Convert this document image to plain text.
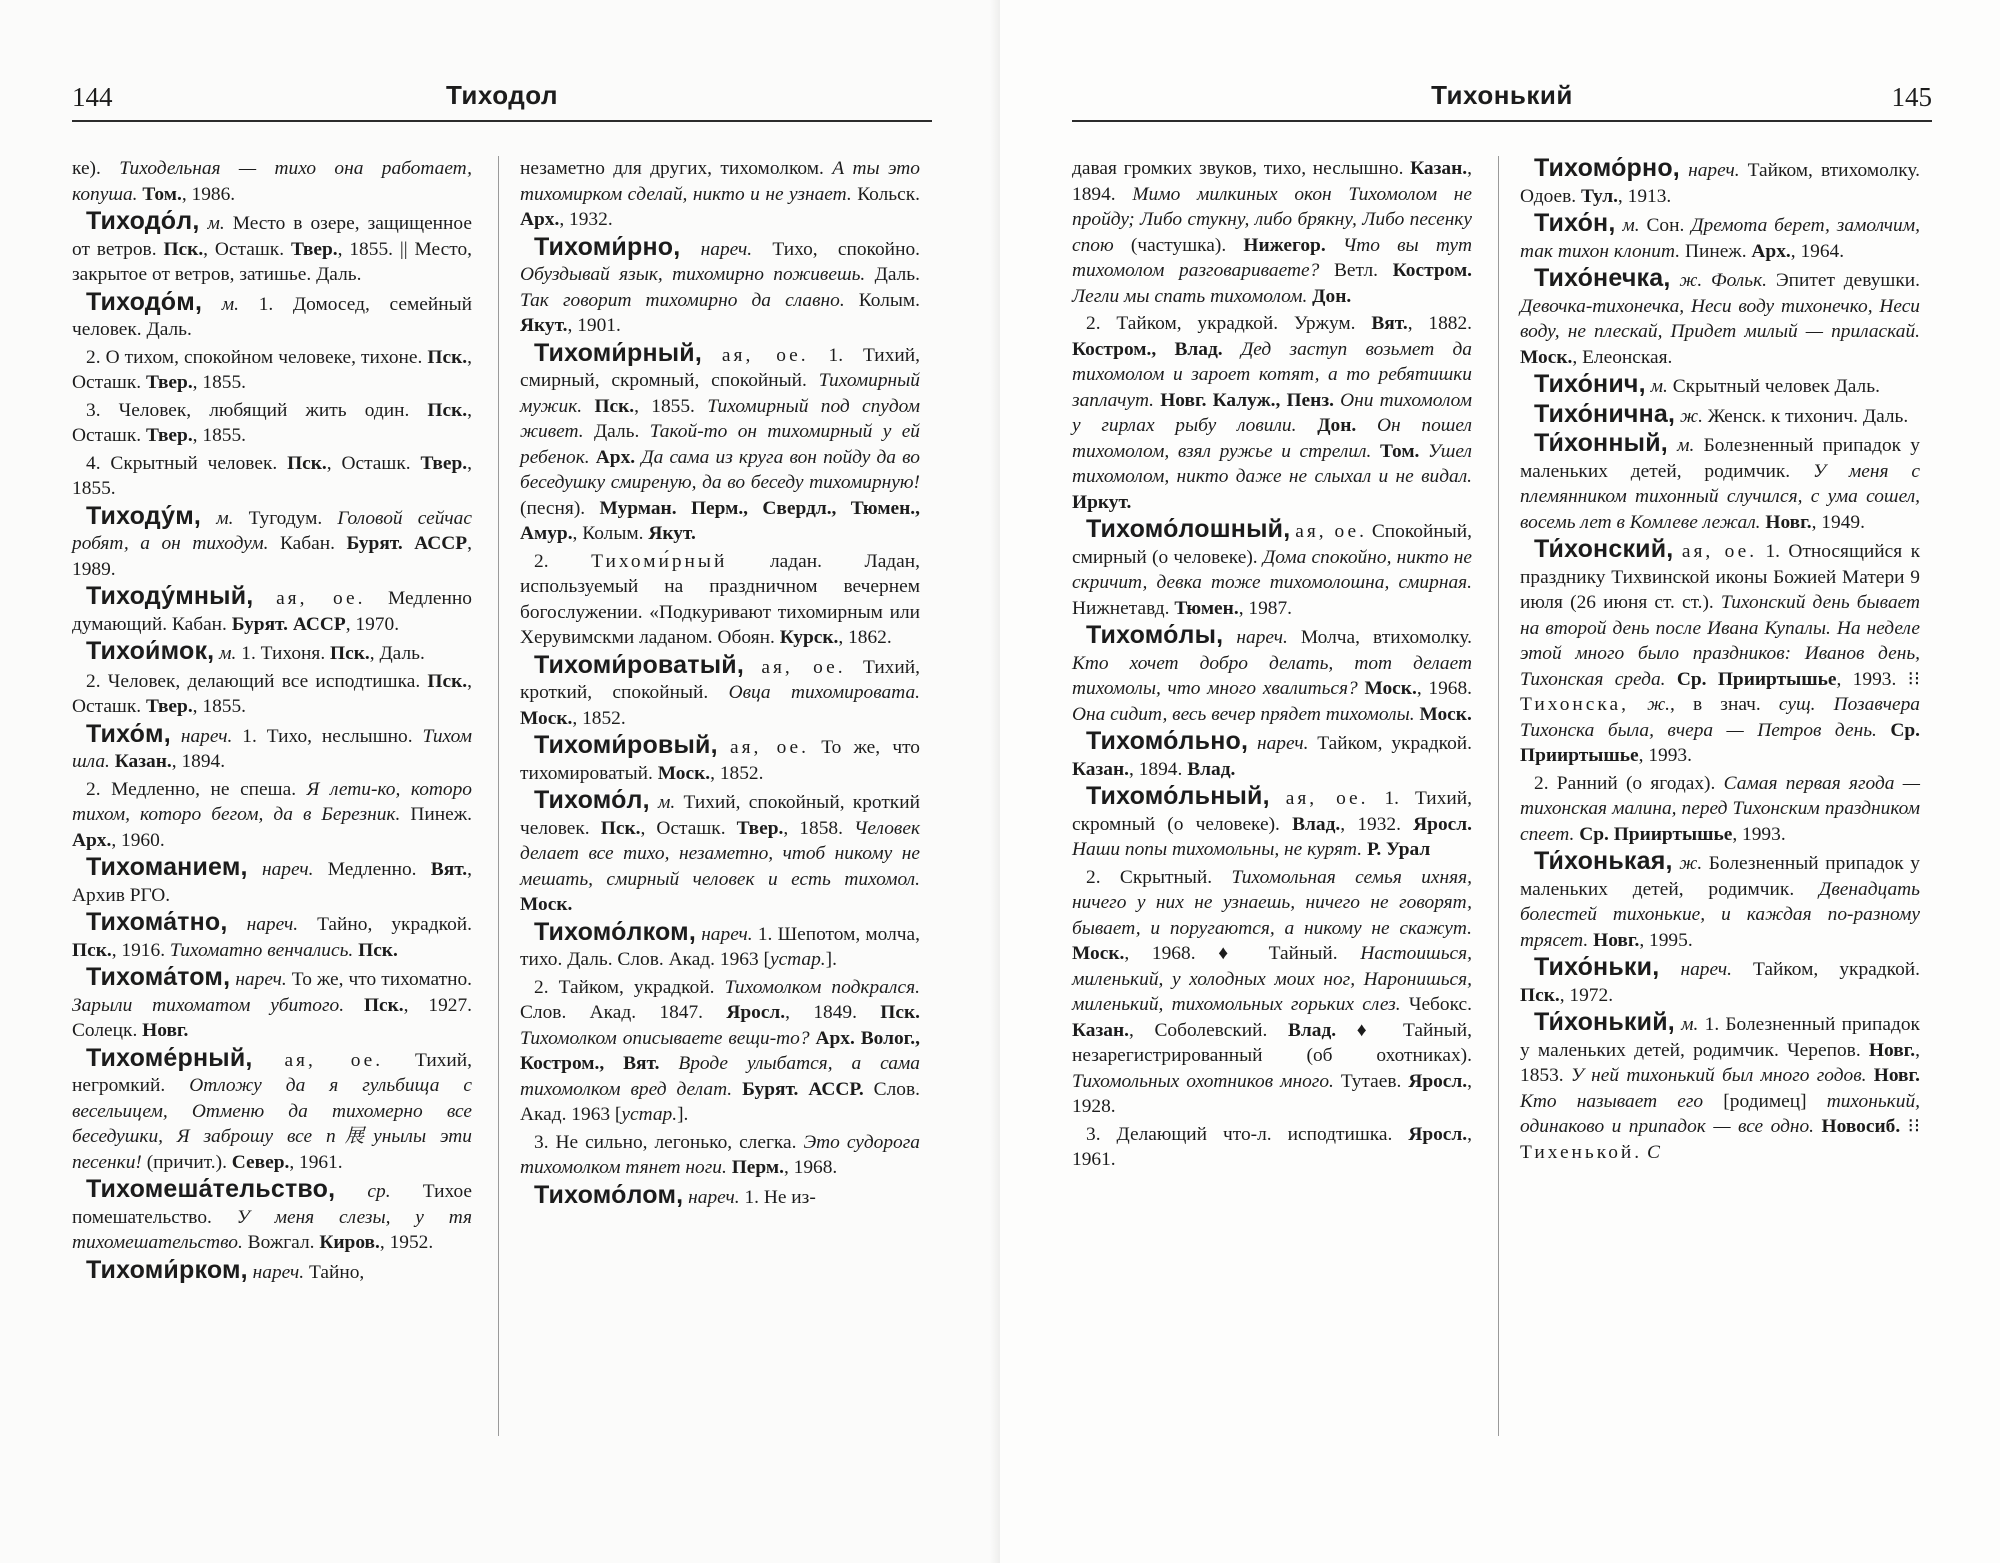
144	Тиходол

ке). Тиходельная — тихо она работает, копуша. Том., 1986.

Тиходо́л, м. Место в озере, защищенное от ветров. Пск., Осташк. Твер., 1855. || Место, закрытое от ветров, затишье. Даль.

Тиходо́м, м. 1. Домосед, семейный человек. Даль.

2. О тихом, спокойном человеке, тихоне. Пск., Осташк. Твер., 1855.

3. Человек, любящий жить один. Пск., Осташк. Твер., 1855.

4. Скрытный человек. Пск., Осташк. Твер., 1855.

Тиходу́м, м. Тугодум. Головой сейчас робят, а он тиходум. Кабан. Бурят. АССР, 1989.

Тиходу́мный, ая, ое. Медленно думающий. Кабан. Бурят. АССР, 1970.

Тихои́мок, м. 1. Тихоня. Пск., Даль.

2. Человек, делающий все исподтишка. Пск., Осташк. Твер., 1855.

Тихо́м, нареч. 1. Тихо, неслышно. Тихом шла. Казан., 1894.

2. Медленно, не спеша. Я лети-ко, которо тихом, которо бегом, да в Березник. Пинеж. Арх., 1960.

Тихоманием, нареч. Медленно. Вят., Архив РГО.

Тихома́тно, нареч. Тайно, украдкой. Пск., 1916. Тихоматно венчались. Пск.

Тихома́том, нареч. То же, что тихоматно. Зарыли тихоматом убитого. Пск., 1927. Солецк. Новг.

Тихоме́рный, ая, ое. Тихий, негромкий. Отложу да я гульбища с весельицем, Отменю да тихомерно все беседушки, Я заброшу все п展унылы эти песенки! (причит.). Север., 1961.

Тихомеша́тельство, ср. Тихое помешательство. У меня слезы, у тя тихомешательство. Вожгал. Киров., 1952.

Тихоми́рком, нареч. Тайно,

незаметно для других, тихомолком. А ты это тихомирком сделай, никто и не узнает. Кольск. Арх., 1932.

Тихоми́рно, нареч. Тихо, спокойно. Обуздывай язык, тихомирно поживешь. Даль. Так говорит тихомирно да славно. Колым. Якут., 1901.

Тихоми́рный, ая, ое. 1. Тихий, смирный, скромный, спокойный. Тихомирный мужик. Пск., 1855. Тихомирный под спудом живет. Даль. Такой-то он тихомирный у ей ребенок. Арх. Да сама из круга вон пойду да во беседушку смиреную, да во беседу тихомирную! (песня). Мурман. Перм., Свердл., Тюмен., Амур., Колым. Якут.

2. Тихоми́рный ладан. Ладан, используемый на праздничном вечернем богослужении. «Подкуривают тихомирным или Херувимскми ладаном. Обоян. Курск., 1862.

Тихоми́роватый, ая, ое. Тихий, кроткий, спокойный. Овца тихомировата. Моск., 1852.

Тихоми́ровый, ая, ое. То же, что тихомироватый. Моск., 1852.

Тихомо́л, м. Тихий, спокойный, кроткий человек. Пск., Осташк. Твер., 1858. Человек делает все тихо, незаметно, чтоб никому не мешать, смирный человек и есть тихомол. Моск.

Тихомо́лком, нареч. 1. Шепотом, молча, тихо. Даль. Слов. Акад. 1963 [устар.].

2. Тайком, украдкой. Тихомолком подкрался. Слов. Акад. 1847. Яросл., 1849. Пск. Тихомолком описываете вещи-то? Арх. Волог., Костром., Вят. Вроде улыбатся, а сама тихомолком вред делат. Бурят. АССР. Слов. Акад. 1963 [устар.].

3. Не сильно, легонько, слегка. Это судорога тихомолком тянет ноги. Перм., 1968.

Тихомо́лом, нареч. 1. Не из-

Тихонький	145

давая громких звуков, тихо, неслышно. Казан., 1894. Мимо милкиных окон Тихомолом не пройду; Либо стукну, либо брякну, Либо песенку спою (частушка). Нижегор. Что вы тут тихомолом разговариваете? Ветл. Костром. Легли мы спать тихомолом. Дон.

2. Тайком, украдкой. Уржум. Вят., 1882. Костром., Влад. Дед заступ возьмет да тихомолом и зароет котят, а то ребятишки заплачут. Новг. Калуж., Пенз. Они тихомолом у гирлах рыбу ловили. Дон. Он пошел тихомолом, взял ружье и стрелил. Том. Ушел тихомолом, никто даже не слыхал и не видал. Иркут.

Тихомо́лошный, ая, ое. Спокойный, смирный (о человеке). Дома спокойно, никто не скричит, девка тоже тихомолошна, смирная. Нижнетавд. Тюмен., 1987.

Тихомо́лы, нареч. Молча, втихомолку. Кто хочет добро делать, тот делает тихомолы, что много хвалиться? Моск., 1968. Она сидит, весь вечер прядет тихомолы. Моск.

Тихомо́льно, нареч. Тайком, украдкой. Казан., 1894. Влад.

Тихомо́льный, ая, ое. 1. Тихий, скромный (о человеке). Влад., 1932. Яросл. Наши попы тихомольны, не курят. Р. Урал

2. Скрытный. Тихомольная семья ихняя, ничего у них не узнаешь, ничего не говорят, бывает, и поругаются, а никому не скажут. Моск., 1968. ♦ Тайный. Настоишься, миленький, у холодных моих ног, Наронишься, миленький, тихомольных горьких слез. Чебокс. Казан., Соболевский. Влад. ♦ Тайный, незарегистрированный (об охотниках). Тихомольных охотников много. Тутаев. Яросл., 1928.

3. Делающий что-л. исподтишка. Яросл., 1961.

Тихомо́рно, нареч. Тайком, втихомолку. Одоев. Тул., 1913.

Тихо́н, м. Сон. Дремота берет, замолчим, так тихон клонит. Пинеж. Арх., 1964.

Тихо́нечка, ж. Фольк. Эпитет девушки. Девочка-тихонечка, Неси воду тихонечко, Неси воду, не плескай, Придет милый — приласкай. Моск., Елеонская.

Тихо́нич, м. Скрытный человек Даль.

Тихо́нична, ж. Женск. к тихонич. Даль.

Ти́хонный, м. Болезненный припадок у маленьких детей, родимчик. У меня с племянником тихонный случился, с ума сошел, восемь лет в Комлеве лежал. Новг., 1949.

Ти́хонский, ая, ое. 1. Относящийся к празднику Тихвинской иконы Божией Матери 9 июля (26 июня ст. ст.). Тихонский день бывает на второй день после Ивана Купалы. На неделе этой много было праздников: Иванов день, Тихонская среда. Ср. Прииртышье, 1993. ⁝⁝ Тихонска, ж., в знач. сущ. Позавчера Тихонска была, вчера — Петров день. Ср. Прииртышье, 1993.

2. Ранний (о ягодах). Самая первая ягода — тихонская малина, перед Тихонским праздником спеет. Ср. Прииртышье, 1993.

Ти́хонькая, ж. Болезненный припадок у маленьких детей, родимчик. Двенадцать болестей тихонькие, и каждая по-разному трясет. Новг., 1995.

Тихо́ньки, нареч. Тайком, украдкой. Пск., 1972.

Ти́хонький, м. 1. Болезненный припадок у маленьких детей, родимчик. Черепов. Новг., 1853. У ней тихонький был много годов. Новг. Кто называет его [родимец] тихонький, одинаково и припадок — все одно. Новосиб. ⁝⁝ Тихенькой. С
